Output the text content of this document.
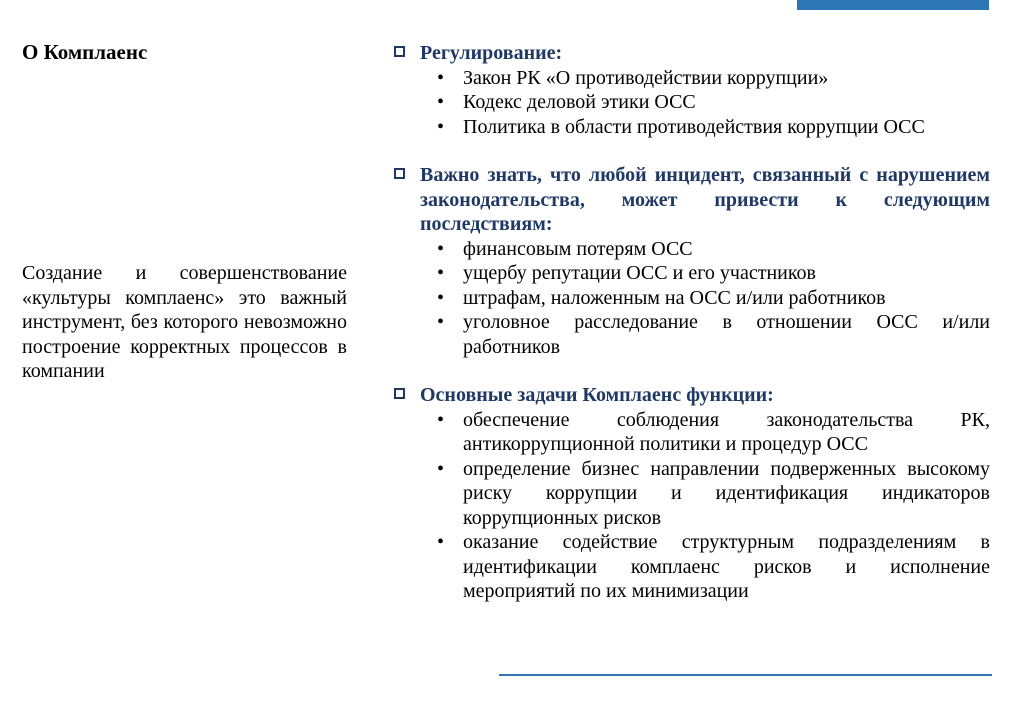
О Комплаенс
Создание и совершенствование «культуры комплаенс» это важный инструмент, без которого невозможно построение корректных процессов в компании
Регулирование:
• Закон РК «О противодействии коррупции»
• Кодекс деловой этики ОСС
• Политика в области противодействия коррупции ОСС
Важно знать, что любой инцидент, связанный с нарушением законодательства, может привести к следующим последствиям:
• финансовым потерям ОСС
• ущербу репутации ОСС и его участников
• штрафам, наложенным на ОСС и/или работников
• уголовное расследование в отношении ОСС и/или работников
Основные задачи Комплаенс функции:
• обеспечение соблюдения законодательства РК, антикоррупционной политики и процедур ОСС
• определение бизнес направлении подверженных высокому риску коррупции и идентификация индикаторов коррупционных рисков
• оказание содействие структурным подразделениям в идентификации комплаенс рисков и исполнение мероприятий по их минимизации
